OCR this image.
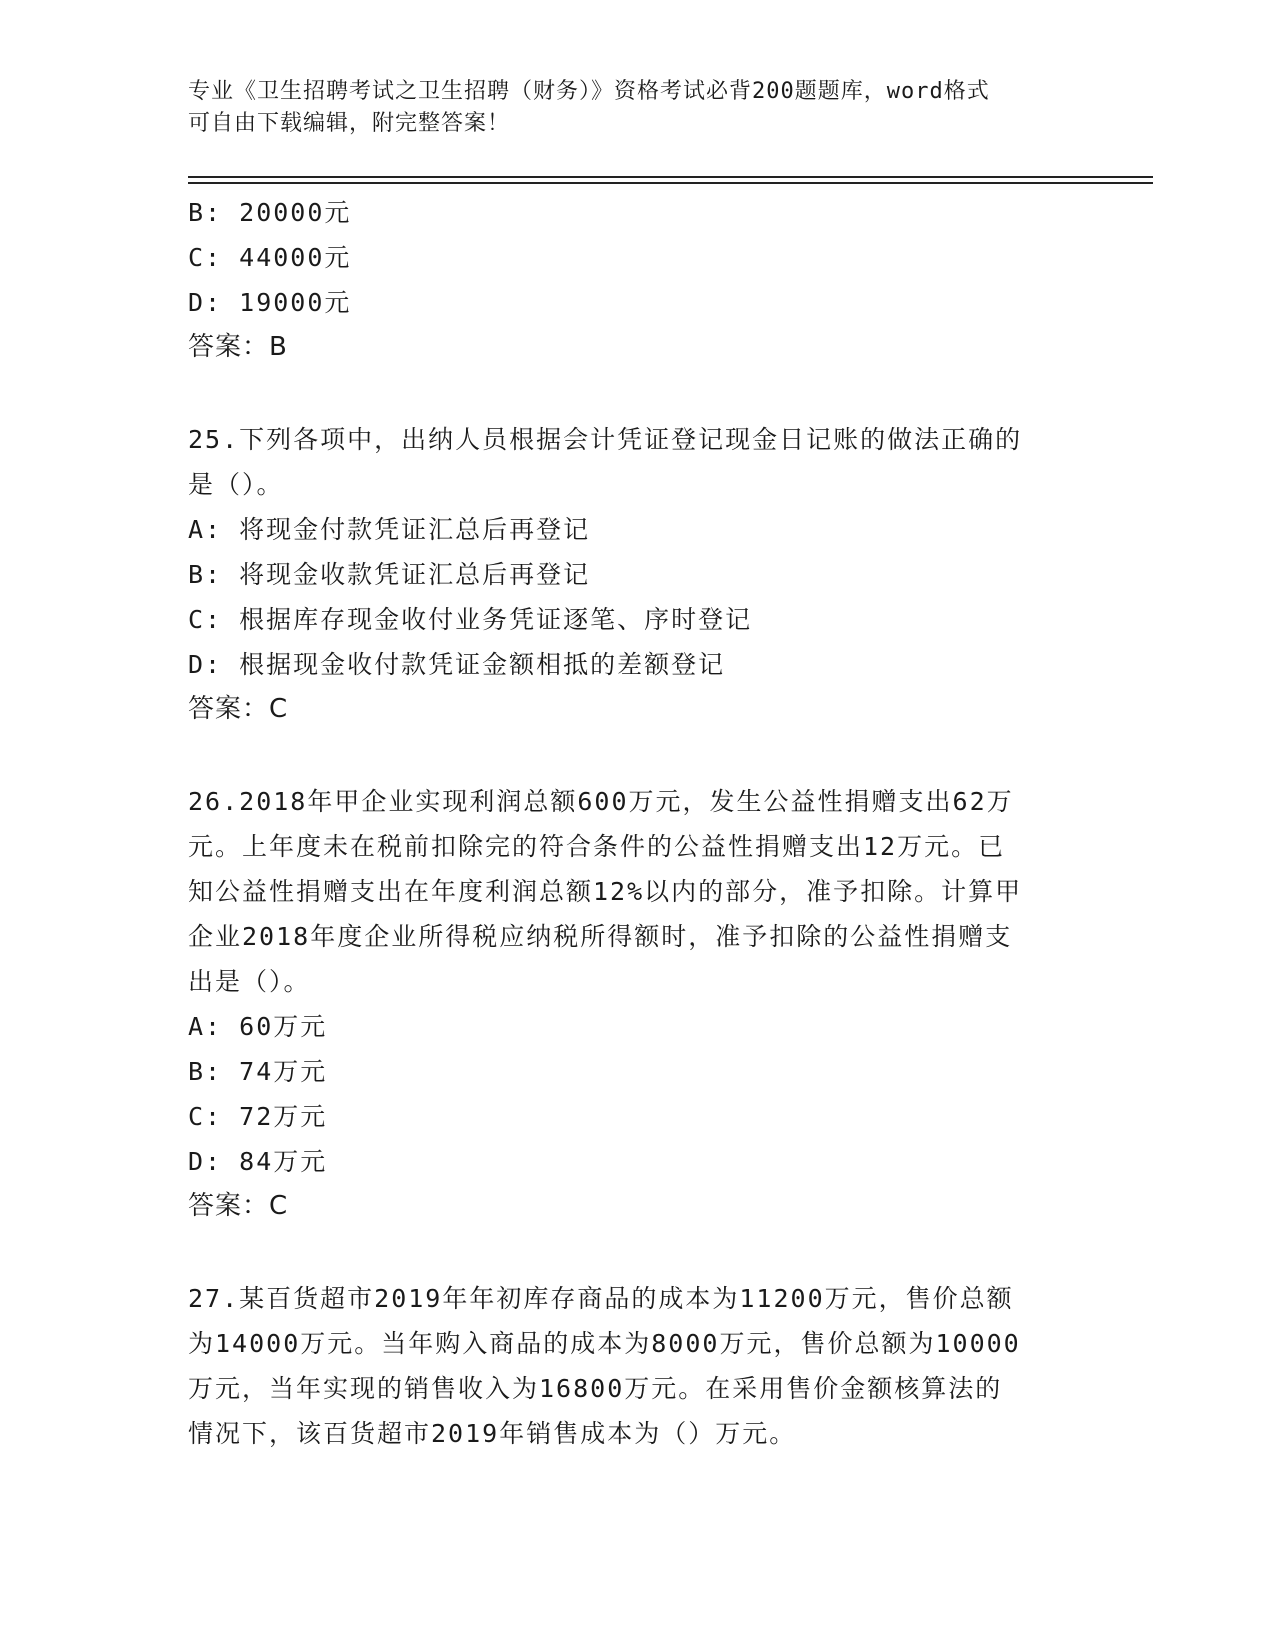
专业《卫生招聘考试之卫生招聘（财务）》资格考试必背200题题库，word格式
可自由下载编辑，附完整答案！
B: 20000元
C: 44000元
D: 19000元
答案：B
25.下列各项中，出纳人员根据会计凭证登记现金日记账的做法正确的
是（）。
A: 将现金付款凭证汇总后再登记
B: 将现金收款凭证汇总后再登记
C: 根据库存现金收付业务凭证逐笔、序时登记
D: 根据现金收付款凭证金额相抵的差额登记
答案：C
26.2018年甲企业实现利润总额600万元，发生公益性捐赠支出62万
元。上年度未在税前扣除完的符合条件的公益性捐赠支出12万元。已
知公益性捐赠支出在年度利润总额12%以内的部分，准予扣除。计算甲
企业2018年度企业所得税应纳税所得额时，准予扣除的公益性捐赠支
出是（）。
A: 60万元
B: 74万元
C: 72万元
D: 84万元
答案：C
27.某百货超市2019年年初库存商品的成本为11200万元，售价总额
为14000万元。当年购入商品的成本为8000万元，售价总额为10000
万元，当年实现的销售收入为16800万元。在采用售价金额核算法的
情况下，该百货超市2019年销售成本为（）万元。
